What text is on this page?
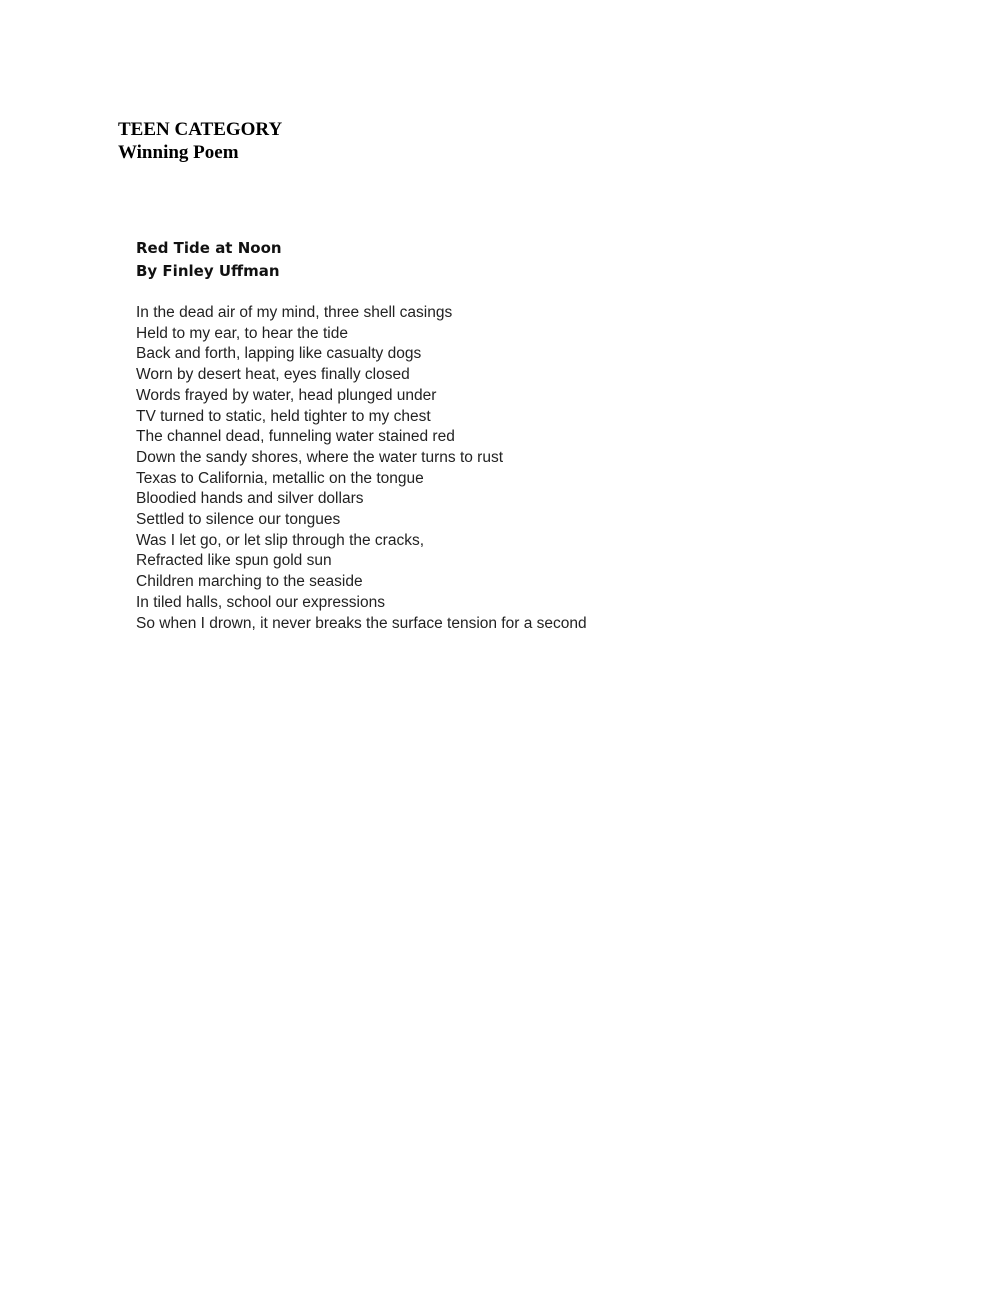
TEEN CATEGORY
Winning Poem
Red Tide at Noon
By Finley Uffman
In the dead air of my mind, three shell casings
Held to my ear, to hear the tide
Back and forth, lapping like casualty dogs
Worn by desert heat, eyes finally closed
Words frayed by water, head plunged under
TV turned to static, held tighter to my chest
The channel dead, funneling water stained red
Down the sandy shores, where the water turns to rust
Texas to California, metallic on the tongue
Bloodied hands and silver dollars
Settled to silence our tongues
Was I let go, or let slip through the cracks,
Refracted like spun gold sun
Children marching to the seaside
In tiled halls, school our expressions
So when I drown, it never breaks the surface tension for a second
